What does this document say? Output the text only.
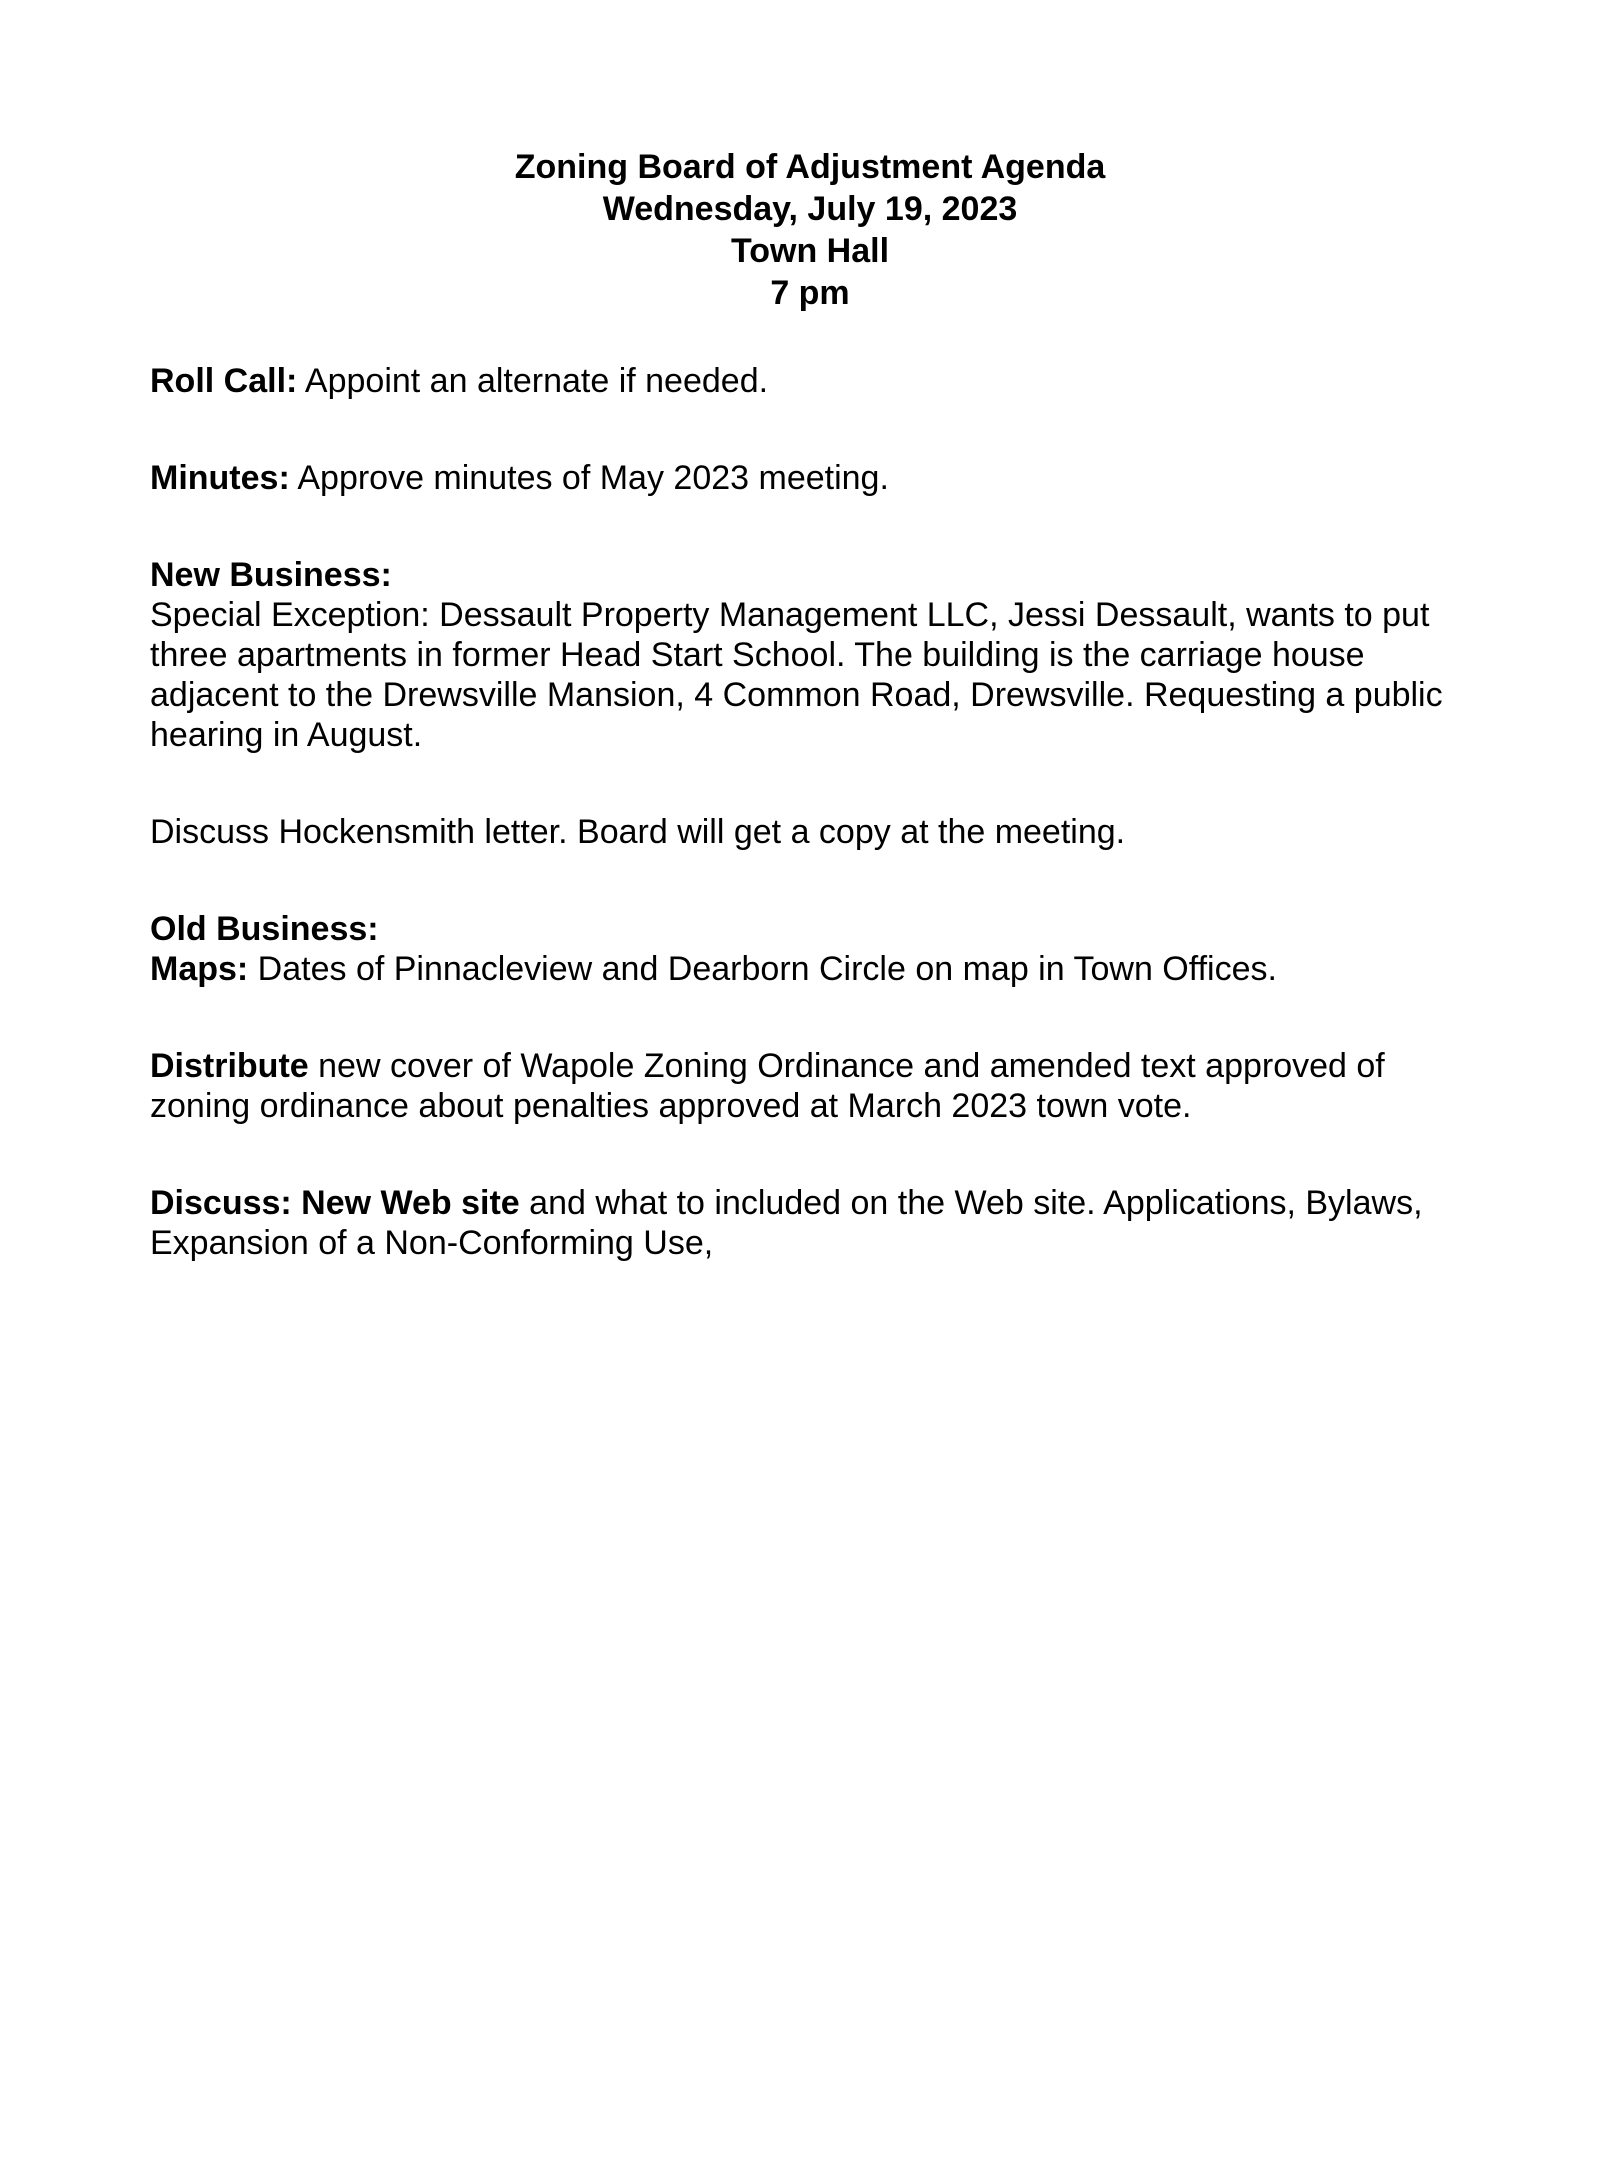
Zoning Board of Adjustment Agenda
Wednesday, July 19, 2023
Town Hall
7 pm

Roll Call: Appoint an alternate if needed.

Minutes: Approve minutes of May 2023 meeting.

New Business:
Special Exception: Dessault Property Management LLC, Jessi Dessault, wants to put three apartments in former Head Start School. The building is the carriage house adjacent to the Drewsville Mansion, 4 Common Road, Drewsville. Requesting a public hearing in August.

Discuss Hockensmith letter. Board will get a copy at the meeting.

Old Business:
Maps: Dates of Pinnacleview and Dearborn Circle on map in Town Offices.

Distribute new cover of Wapole Zoning Ordinance and amended text approved of zoning ordinance about penalties approved at March 2023 town vote.

Discuss: New Web site and what to included on the Web site. Applications, Bylaws, Expansion of a Non-Conforming Use,
